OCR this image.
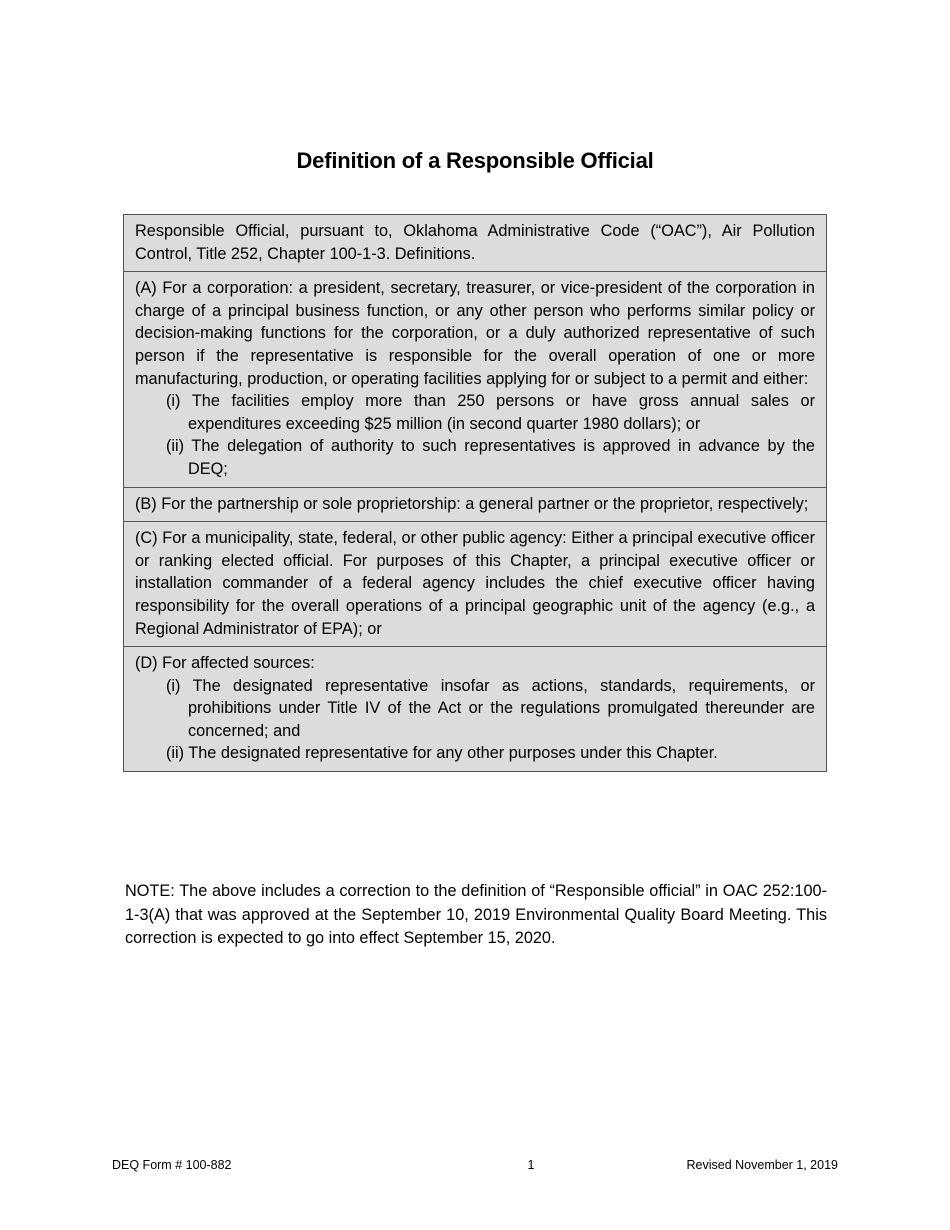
Definition of a Responsible Official
Responsible Official, pursuant to, Oklahoma Administrative Code (“OAC”), Air Pollution Control, Title 252, Chapter 100-1-3. Definitions.
(A) For a corporation: a president, secretary, treasurer, or vice-president of the corporation in charge of a principal business function, or any other person who performs similar policy or decision-making functions for the corporation, or a duly authorized representative of such person if the representative is responsible for the overall operation of one or more manufacturing, production, or operating facilities applying for or subject to a permit and either:
(i) The facilities employ more than 250 persons or have gross annual sales or expenditures exceeding $25 million (in second quarter 1980 dollars); or
(ii) The delegation of authority to such representatives is approved in advance by the DEQ;
(B) For the partnership or sole proprietorship: a general partner or the proprietor, respectively;
(C) For a municipality, state, federal, or other public agency: Either a principal executive officer or ranking elected official. For purposes of this Chapter, a principal executive officer or installation commander of a federal agency includes the chief executive officer having responsibility for the overall operations of a principal geographic unit of the agency (e.g., a Regional Administrator of EPA); or
(D) For affected sources:
(i) The designated representative insofar as actions, standards, requirements, or prohibitions under Title IV of the Act or the regulations promulgated thereunder are concerned; and
(ii) The designated representative for any other purposes under this Chapter.
NOTE: The above includes a correction to the definition of “Responsible official” in OAC 252:100-1-3(A) that was approved at the September 10, 2019 Environmental Quality Board Meeting. This correction is expected to go into effect September 15, 2020.
DEQ Form # 100-882	1	Revised November 1, 2019
